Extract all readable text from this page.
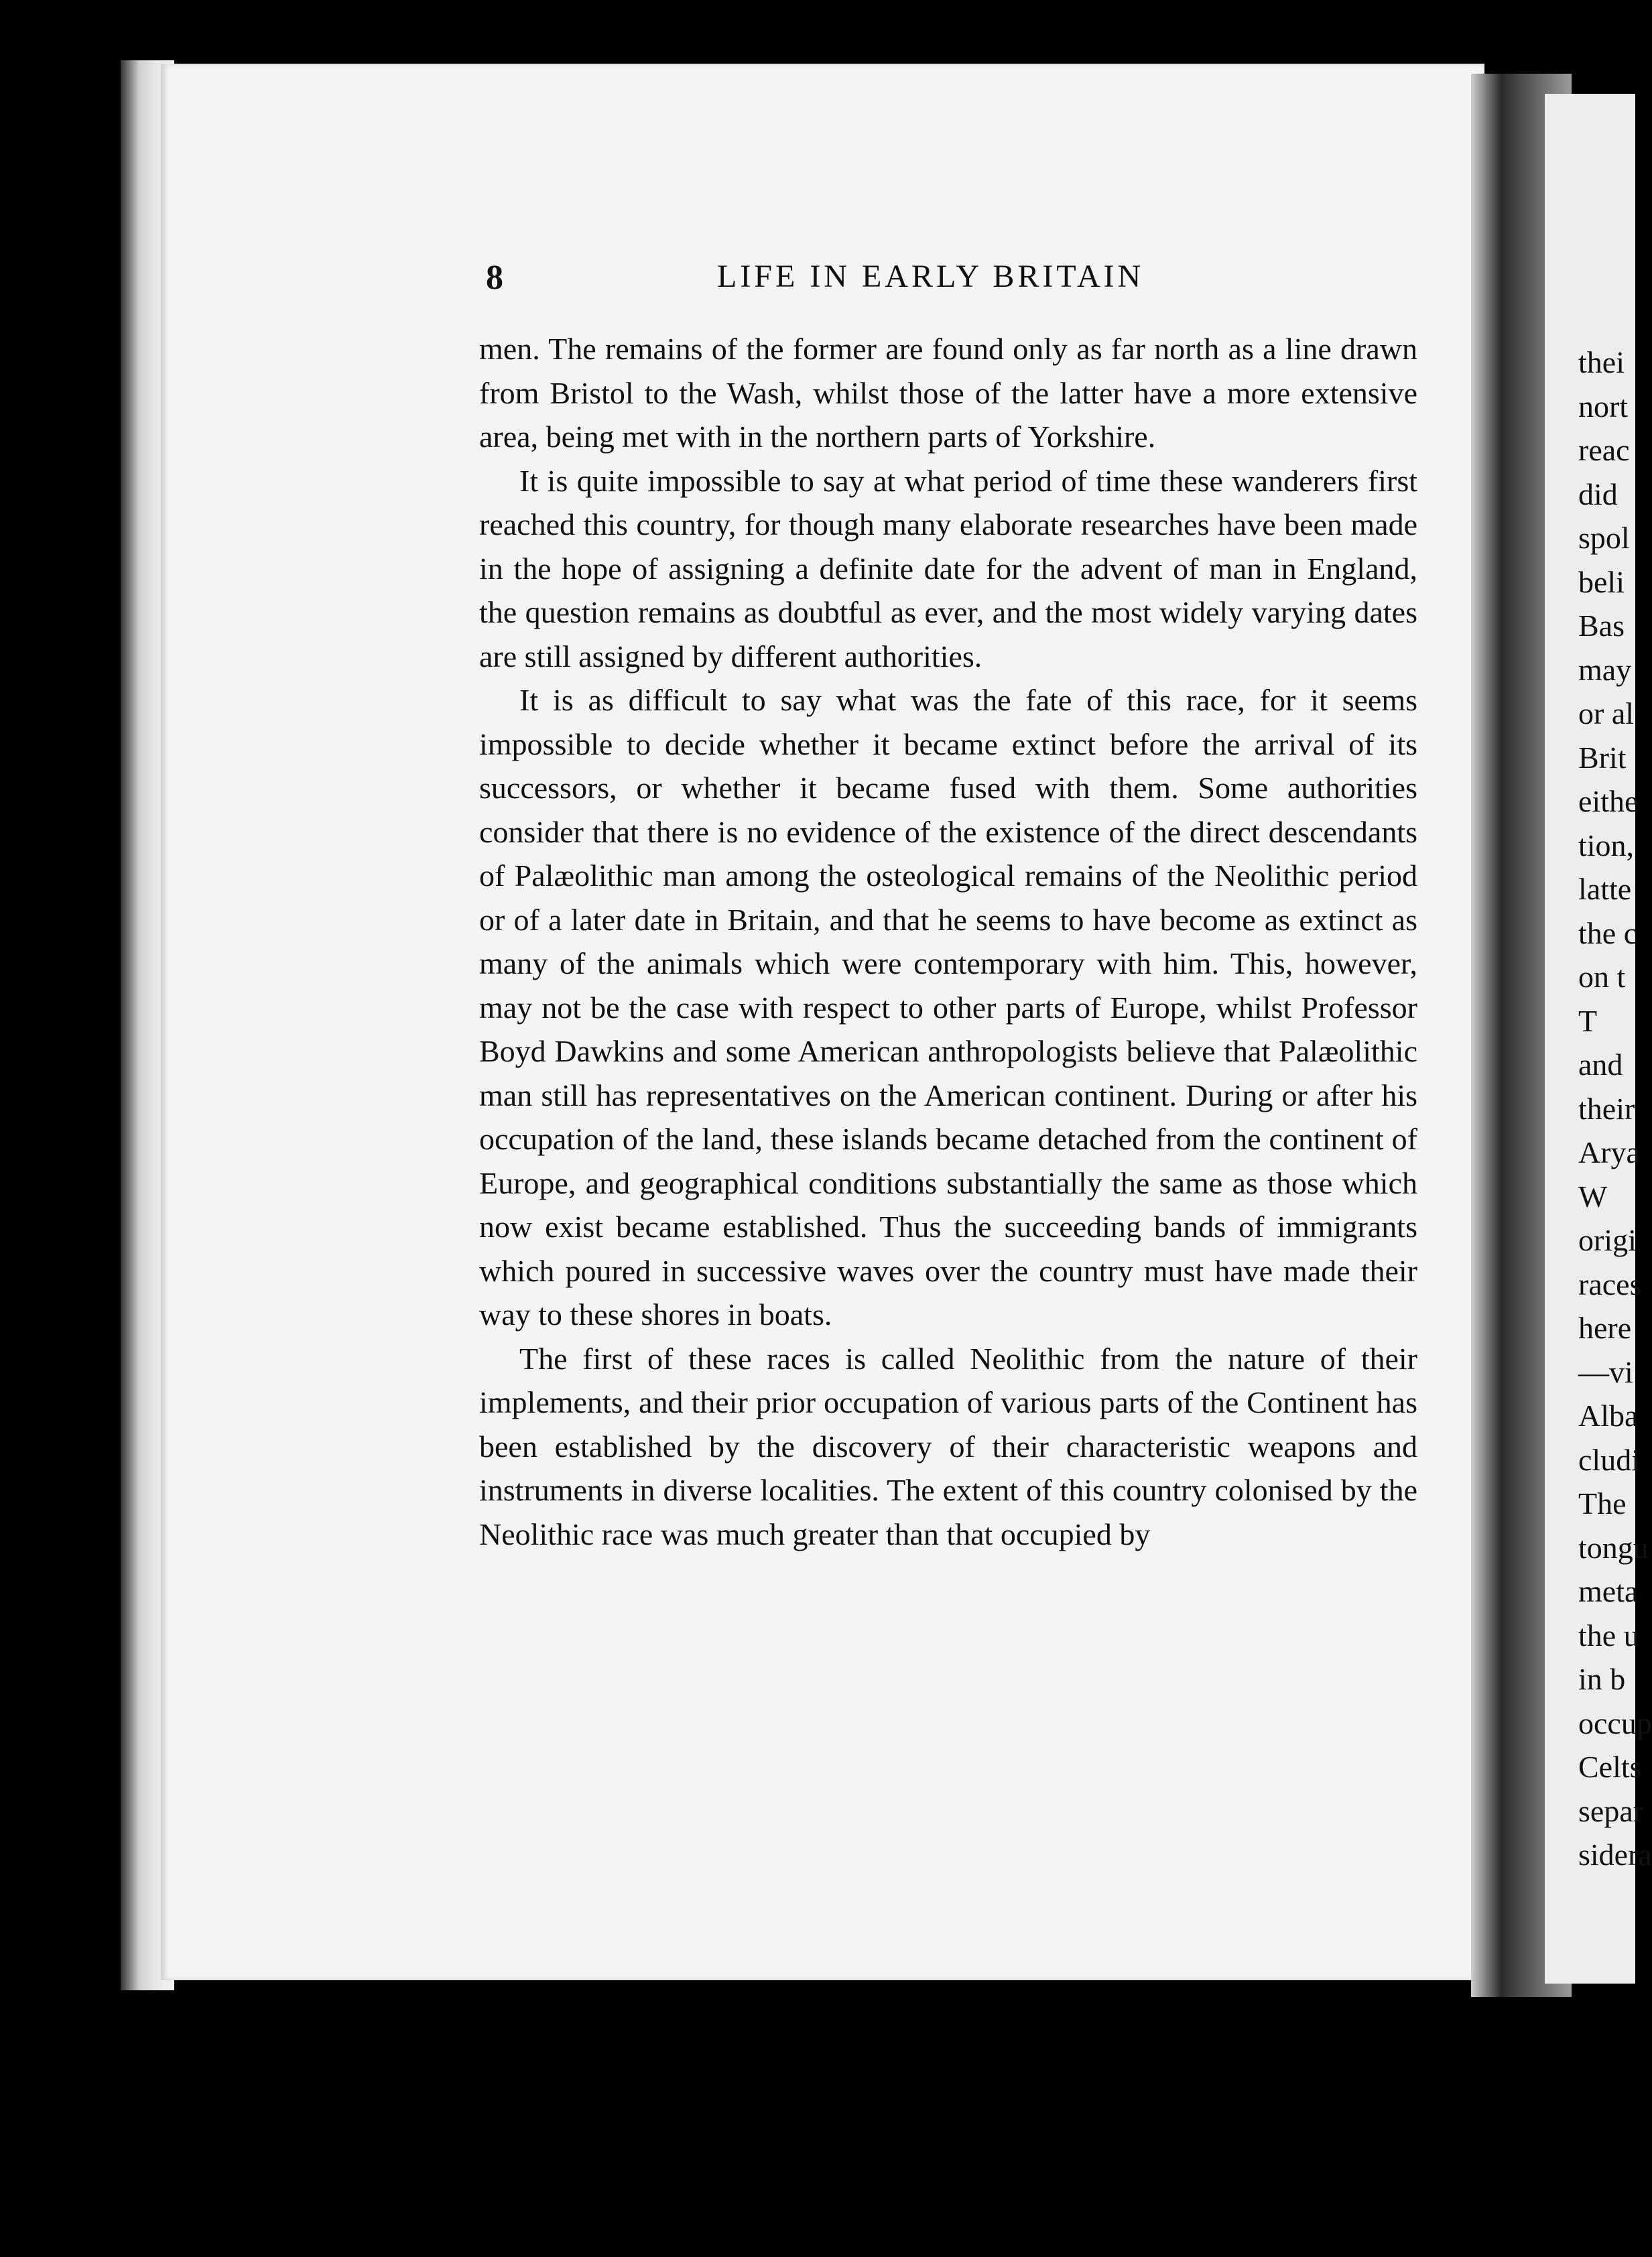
thei
nort
reac
did
spol
beli
Bas
may
or al
Brit
eithe
tion,
latte
the c
on t
T
and
their
Arya
W
origi
races
here
—vi
Alba
cludi
The
tongu
meta
the u
in b
occup
Celts
separ
sidera
8	LIFE IN EARLY BRITAIN

men. The remains of the former are found only as far north as a line drawn from Bristol to the Wash, whilst those of the latter have a more extensive area, being met with in the northern parts of Yorkshire.

It is quite impossible to say at what period of time these wanderers first reached this country, for though many elaborate researches have been made in the hope of assigning a definite date for the advent of man in England, the question remains as doubtful as ever, and the most widely varying dates are still assigned by different authorities.

It is as difficult to say what was the fate of this race, for it seems impossible to decide whether it became extinct before the arrival of its successors, or whether it became fused with them. Some authorities consider that there is no evidence of the existence of the direct descendants of Palæolithic man among the osteological remains of the Neolithic period or of a later date in Britain, and that he seems to have become as extinct as many of the animals which were contemporary with him. This, however, may not be the case with respect to other parts of Europe, whilst Professor Boyd Dawkins and some American anthropologists believe that Palæolithic man still has representatives on the American continent. During or after his occupation of the land, these islands became detached from the continent of Europe, and geographical conditions substantially the same as those which now exist became established. Thus the succeeding bands of immigrants which poured in successive waves over the country must have made their way to these shores in boats.

The first of these races is called Neolithic from the nature of their implements, and their prior occupation of various parts of the Continent has been established by the discovery of their characteristic weapons and instruments in diverse localities. The extent of this country colonised by the Neolithic race was much greater than that occupied by
